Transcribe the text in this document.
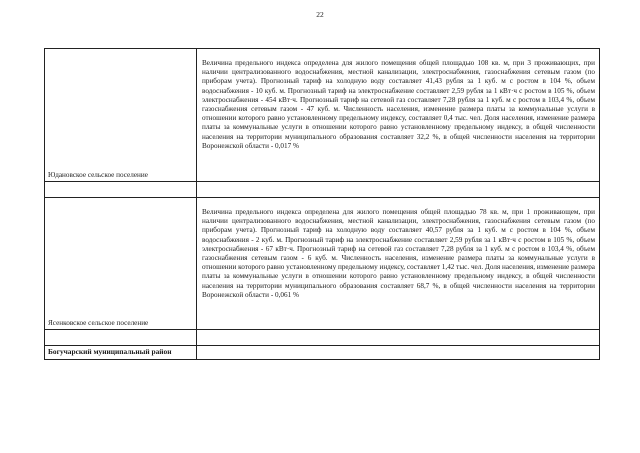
22
Юдановское сельское поселение
Величина предельного индекса определена для жилого помещения общей площадью 108 кв. м, при 3 проживающих, при наличии централизованного водоснабжения, местной канализации, электроснабжения, газоснабжения сетевым газом (по приборам учета). Прогнозный тариф на холодную воду составляет 41,43 рубля за 1 куб. м с ростом в 104 %, объем водоснабжения - 10 куб. м. Прогнозный тариф на электроснабжение составляет 2,59 рубля за 1 кВт·ч с ростом в 105 %, объем электроснабжения - 454 кВт·ч. Прогнозный тариф на сетевой газ составляет 7,28 рубля за 1 куб. м с ростом в 103,4 %, объем газоснабжения сетевым газом - 47 куб. м. Численность населения, изменение размера платы за коммунальные услуги в отношении которого равно установленному предельному индексу, составляет 0,4 тыс. чел. Доля населения, изменение размера платы за коммунальные услуги в отношении которого равно установленному предельному индексу, в общей численности населения на территории муниципального образования составляет 32,2 %, в общей численности населения на территории Воронежской области - 0,017 %
Ясенковское сельское поселение
Величина предельного индекса определена для жилого помещения общей площадью 78 кв. м, при 1 проживающем, при наличии централизованного водоснабжения, местной канализации, электроснабжения, газоснабжения сетевым газом (по приборам учета). Прогнозный тариф на холодную воду составляет 40,57 рубля за 1 куб. м с ростом в 104 %, объем водоснабжения - 2 куб. м. Прогнозный тариф на электроснабжение составляет 2,59 рубля за 1 кВт·ч с ростом в 105 %, объем электроснабжения - 67 кВт·ч. Прогнозный тариф на сетевой газ составляет 7,28 рубля за 1 куб. м с ростом в 103,4 %, объем газоснабжения сетевым газом - 6 куб. м. Численность населения, изменение размера платы за коммунальные услуги в отношении которого равно установленному предельному индексу, составляет 1,42 тыс. чел. Доля населения, изменение размера платы за коммунальные услуги в отношении которого равно установленному предельному индексу, в общей численности населения на территории муниципального образования составляет 68,7 %, в общей численности населения на территории Воронежской области - 0,061 %
Богучарский муниципальный район
